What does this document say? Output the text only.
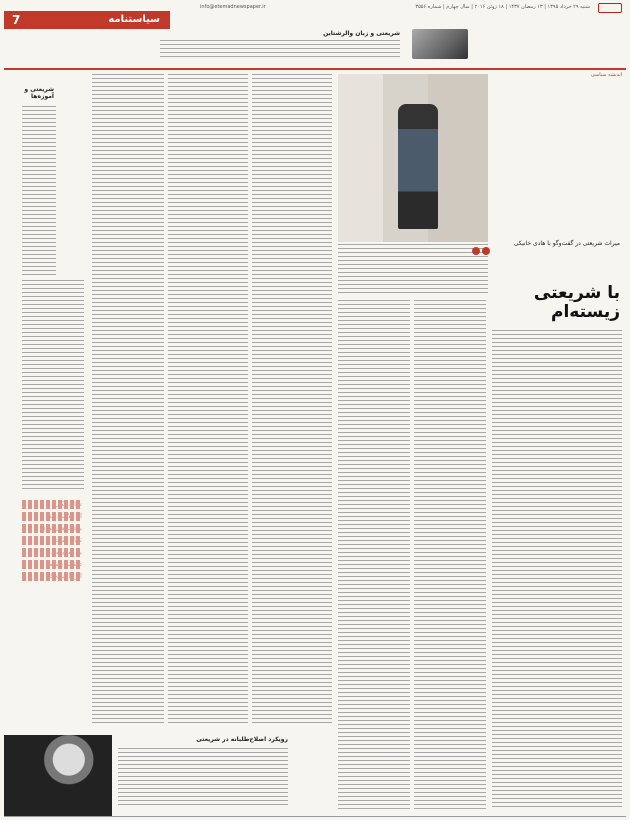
شنبه ۲۹ خرداد ۱۳۹۵ | ۱۳ رمضان ۱۴۳۷ | ۱۸ ژوئن ۲۰۱۶ | سال چهارم | شماره ۳۵۵۶
info@etemadnewspaper.ir
7	سیاستنامه
شریعتی و زبان والرشتاین
اندیشه سیاسی
میراث شریعتی در گفت‌وگو با هادی خانیکی
با شریعتی زیسته‌ام
شریعتی و آموزه‌ها
شاید یکی
از دلایلی که
باعث می‌شود
نگاه مثبت
به شریعتی
داشته باشم
این است که
رویکرد اصلاح‌طلبانه در شریعتی
